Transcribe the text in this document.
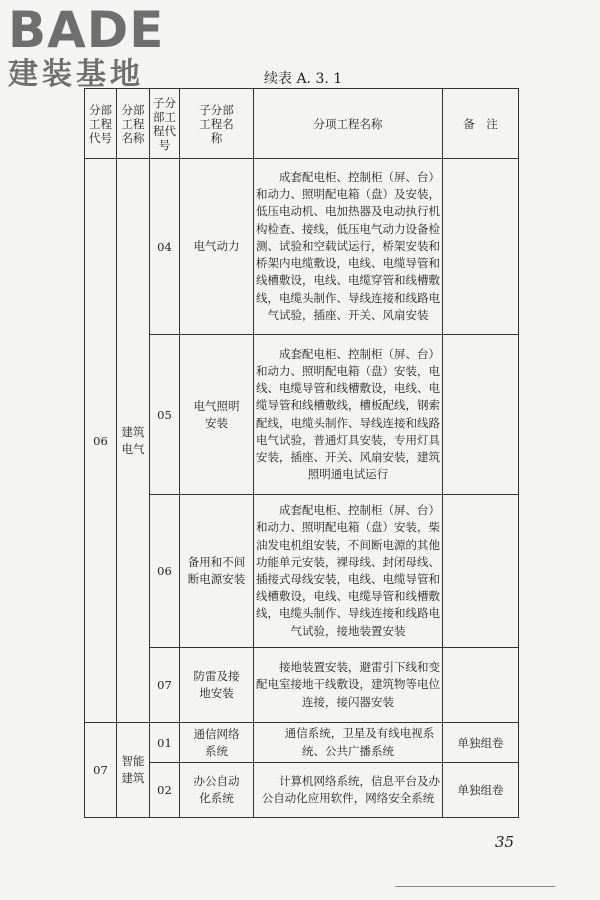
BADE
建装基地	续表 A. 3. 1
分部工程代号	分部工程名称	子分部工程代号	子分部工程名称	分项工程名称	备　注
06	建筑电气	04	电气动力	成套配电柜、控制柜（屏、台）和动力、照明配电箱（盘）及安装，低压电动机、电加热器及电动执行机构检查、接线，低压电气动力设备检测、试验和空载试运行，桥架安装和桥架内电缆敷设，电线、电缆导管和线槽敷设，电线、电缆穿管和线槽敷线，电缆头制作、导线连接和线路电气试验，插座、开关、风扇安装	

		05	电气照明安装	成套配电柜、控制柜（屏、台）和动力、照明配电箱（盘）安装，电线、电缆导管和线槽敷设，电线、电缆导管和线槽敷线，槽板配线，钢索配线，电缆头制作、导线连接和线路电气试验，普通灯具安装，专用灯具安装，插座、开关、风扇安装，建筑照明通电试运行	

		06	备用和不间断电源安装	成套配电柜、控制柜（屏、台）和动力、照明配电箱（盘）安装，柴油发电机组安装，不间断电源的其他功能单元安装，裸母线、封闭母线、插接式母线安装，电线、电缆导管和线槽敷设，电线、电缆导管和线槽敷线，电缆头制作、导线连接和线路电气试验，接地装置安装	

		07	防雷及接地安装	接地装置安装，避雷引下线和变配电室接地干线敷设，建筑物等电位连接，接闪器安装	

07	智能建筑	01	通信网络系统	通信系统，卫星及有线电视系统、公共广播系统	单独组卷
		02	办公自动化系统	计算机网络系统，信息平台及办公自动化应用软件，网络安全系统	单独组卷
35
